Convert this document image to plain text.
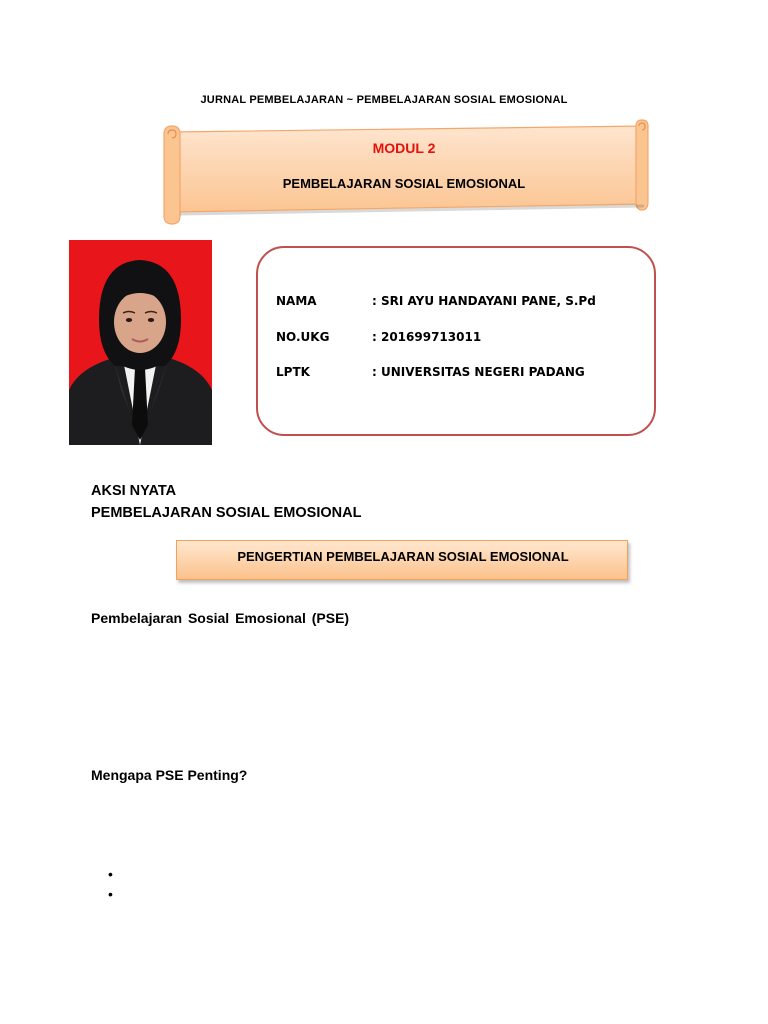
JURNAL PEMBELAJARAN ~ PEMBELAJARAN SOSIAL EMOSIONAL
MODUL 2
PEMBELAJARAN SOSIAL EMOSIONAL
NAMA	: SRI AYU HANDAYANI PANE, S.Pd
NO.UKG	: 201699713011
LPTK	: UNIVERSITAS NEGERI PADANG
AKSI NYATA
PEMBELAJARAN SOSIAL EMOSIONAL
PENGERTIAN PEMBELAJARAN SOSIAL EMOSIONAL
Pembelajaran Sosial Emosional (PSE)
Mengapa PSE Penting?
•
•
